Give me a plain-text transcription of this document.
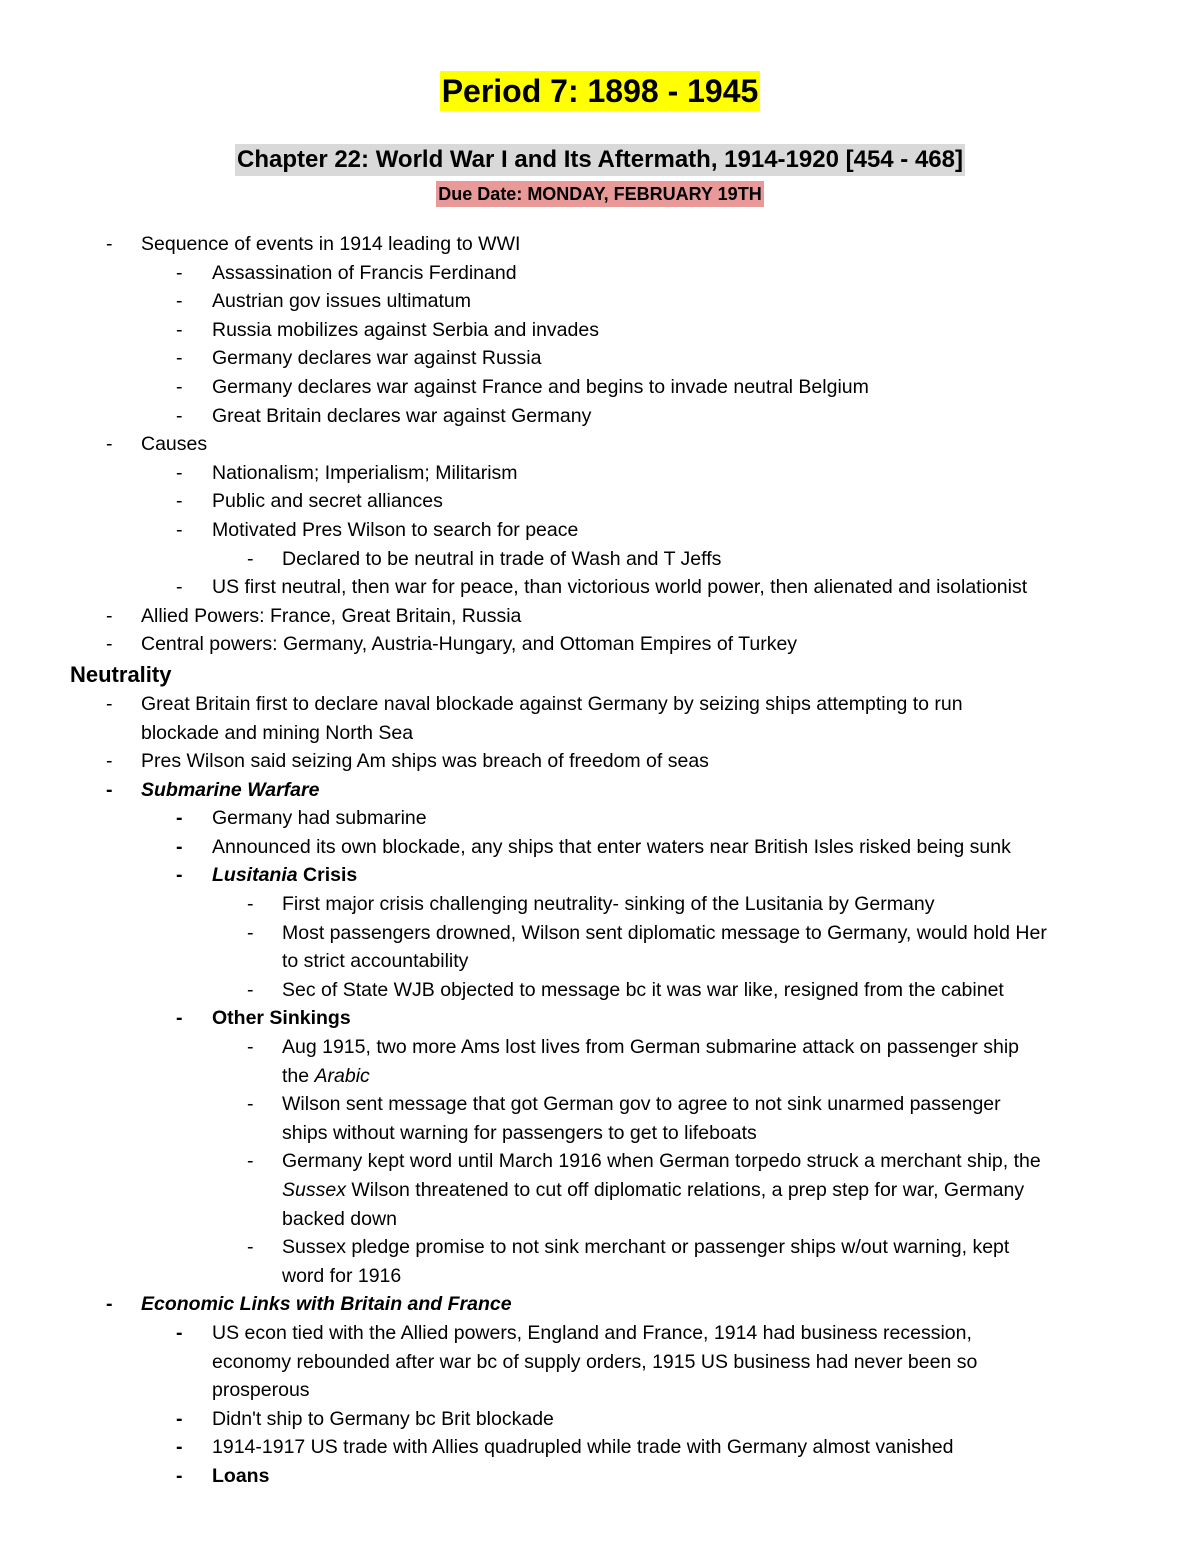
Period 7: 1898 - 1945
Chapter 22: World War I and Its Aftermath, 1914-1920 [454 - 468]
Due Date: MONDAY, FEBRUARY 19TH
- Sequence of events in 1914 leading to WWI
- Assassination of Francis Ferdinand
- Austrian gov issues ultimatum
- Russia mobilizes against Serbia and invades
- Germany declares war against Russia
- Germany declares war against France and begins to invade neutral Belgium
- Great Britain declares war against Germany
- Causes
- Nationalism; Imperialism; Militarism
- Public and secret alliances
- Motivated Pres Wilson to search for peace
- Declared to be neutral in trade of Wash and T Jeffs
- US first neutral, then war for peace, than victorious world power, then alienated and isolationist
- Allied Powers: France, Great Britain, Russia
- Central powers: Germany, Austria-Hungary, and Ottoman Empires of Turkey
Neutrality
- Great Britain first to declare naval blockade against Germany by seizing ships attempting to run
blockade and mining North Sea
- Pres Wilson said seizing Am ships was breach of freedom of seas
- Submarine Warfare
- Germany had submarine
- Announced its own blockade, any ships that enter waters near British Isles risked being sunk
- Lusitania Crisis
- First major crisis challenging neutrality- sinking of the Lusitania by Germany
- Most passengers drowned, Wilson sent diplomatic message to Germany, would hold Her
to strict accountability
- Sec of State WJB objected to message bc it was war like, resigned from the cabinet
- Other Sinkings
- Aug 1915, two more Ams lost lives from German submarine attack on passenger ship
the Arabic
- Wilson sent message that got German gov to agree to not sink unarmed passenger
ships without warning for passengers to get to lifeboats
- Germany kept word until March 1916 when German torpedo struck a merchant ship, the
Sussex Wilson threatened to cut off diplomatic relations, a prep step for war, Germany
backed down
- Sussex pledge promise to not sink merchant or passenger ships w/out warning, kept
word for 1916
- Economic Links with Britain and France
- US econ tied with the Allied powers, England and France, 1914 had business recession,
economy rebounded after war bc of supply orders, 1915 US business had never been so
prosperous
- Didn't ship to Germany bc Brit blockade
- 1914-1917 US trade with Allies quadrupled while trade with Germany almost vanished
- Loans
